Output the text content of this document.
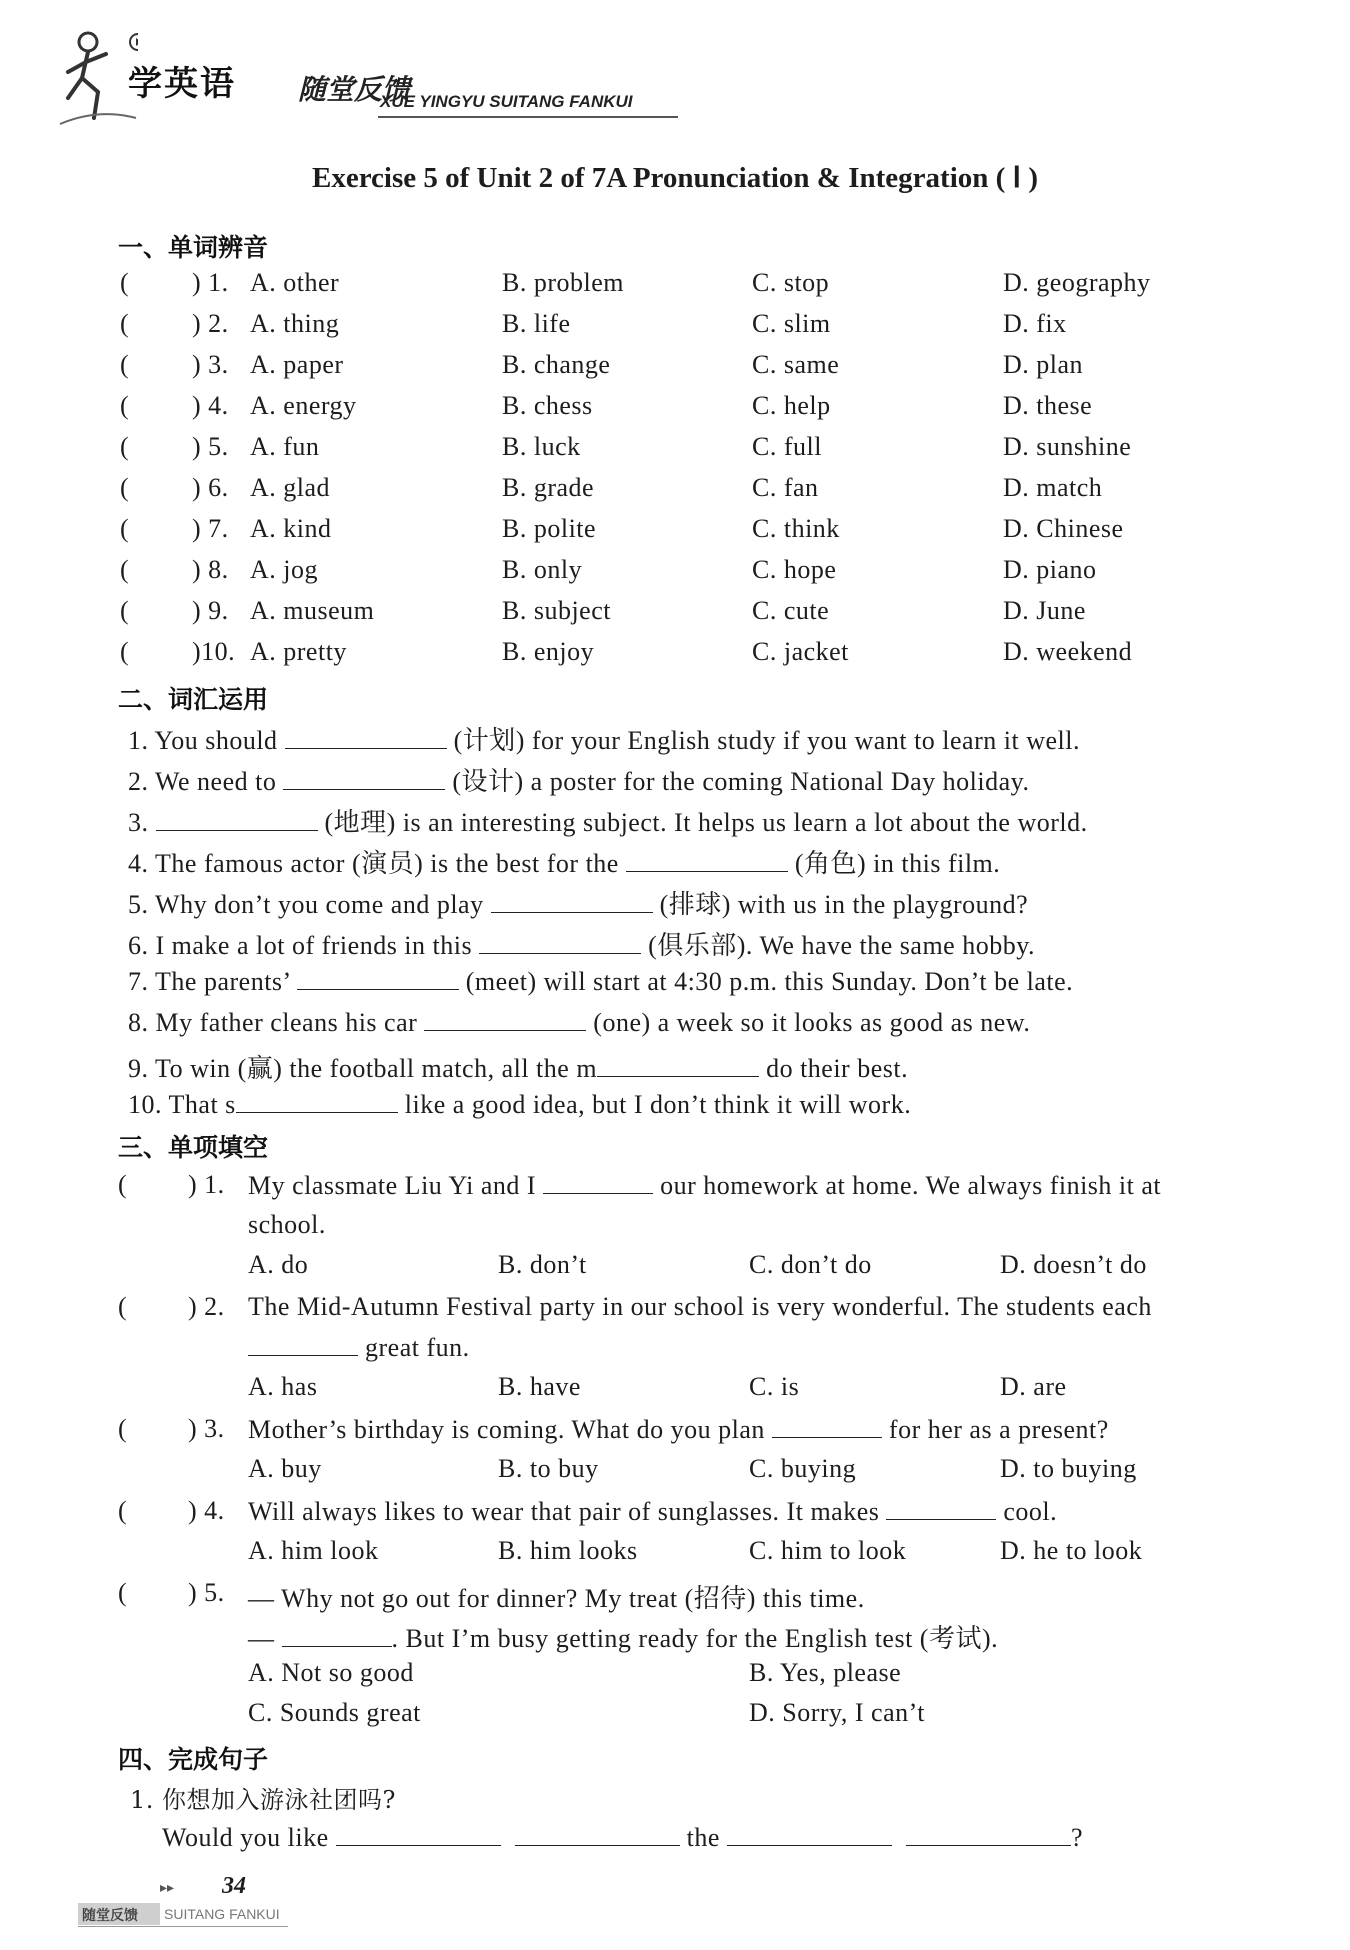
学英语 随堂反馈
XUE YINGYU SUITANG FANKUI
Exercise 5 of Unit 2 of 7A Pronunciation & Integration ( Ⅰ )
一、单词辨音
( ) 1. A. other	B. problem	C. stop	D. geography
( ) 2. A. thing	B. life	C. slim	D. fix
( ) 3. A. paper	B. change	C. same	D. plan
( ) 4. A. energy	B. chess	C. help	D. these
( ) 5. A. fun	B. luck	C. full	D. sunshine
( ) 6. A. glad	B. grade	C. fan	D. match
( ) 7. A. kind	B. polite	C. think	D. Chinese
( ) 8. A. jog	B. only	C. hope	D. piano
( ) 9. A. museum	B. subject	C. cute	D. June
( )10. A. pretty	B. enjoy	C. jacket	D. weekend
二、词汇运用
1. You should	(计划) for your English study if you want to learn it well.
2. We need to	(设计) a poster for the coming National Day holiday.
3.	(地理) is an interesting subject. It helps us learn a lot about the world.
4. The famous actor (演员) is the best for the	(角色) in this film.
5. Why don’t you come and play	(排球) with us in the playground?
6. I make a lot of friends in this	(俱乐部). We have the same hobby.
7. The parents’	(meet) will start at 4:30 p.m. this Sunday. Don’t be late.
8. My father cleans his car	(one) a week so it looks as good as new.
9. To win (赢) the football match, all the m	do their best.
10. That s	like a good idea, but I don’t think it will work.
三、单项填空
( ) 1. My classmate Liu Yi and I	our homework at home. We always finish it at
school.
A. do	B. don’t	C. don’t do	D. doesn’t do
( ) 2. The Mid-Autumn Festival party in our school is very wonderful. The students each
great fun.
A. has	B. have	C. is	D. are
( ) 3. Mother’s birthday is coming. What do you plan	for her as a present?
A. buy	B. to buy	C. buying	D. to buying
( ) 4. Will always likes to wear that pair of sunglasses. It makes	cool.
A. him look	B. him looks	C. him to look	D. he to look
( ) 5. — Why not go out for dinner? My treat (招待) this time.
—	. But I’m busy getting ready for the English test (考试).
A. Not so good	B. Yes, please
C. Sounds great	D. Sorry, I can’t
四、完成句子
1. 你想加入游泳社团吗?
Would you like	the	?
▸▸ 34
随堂反馈	SUITANG FANKUI
